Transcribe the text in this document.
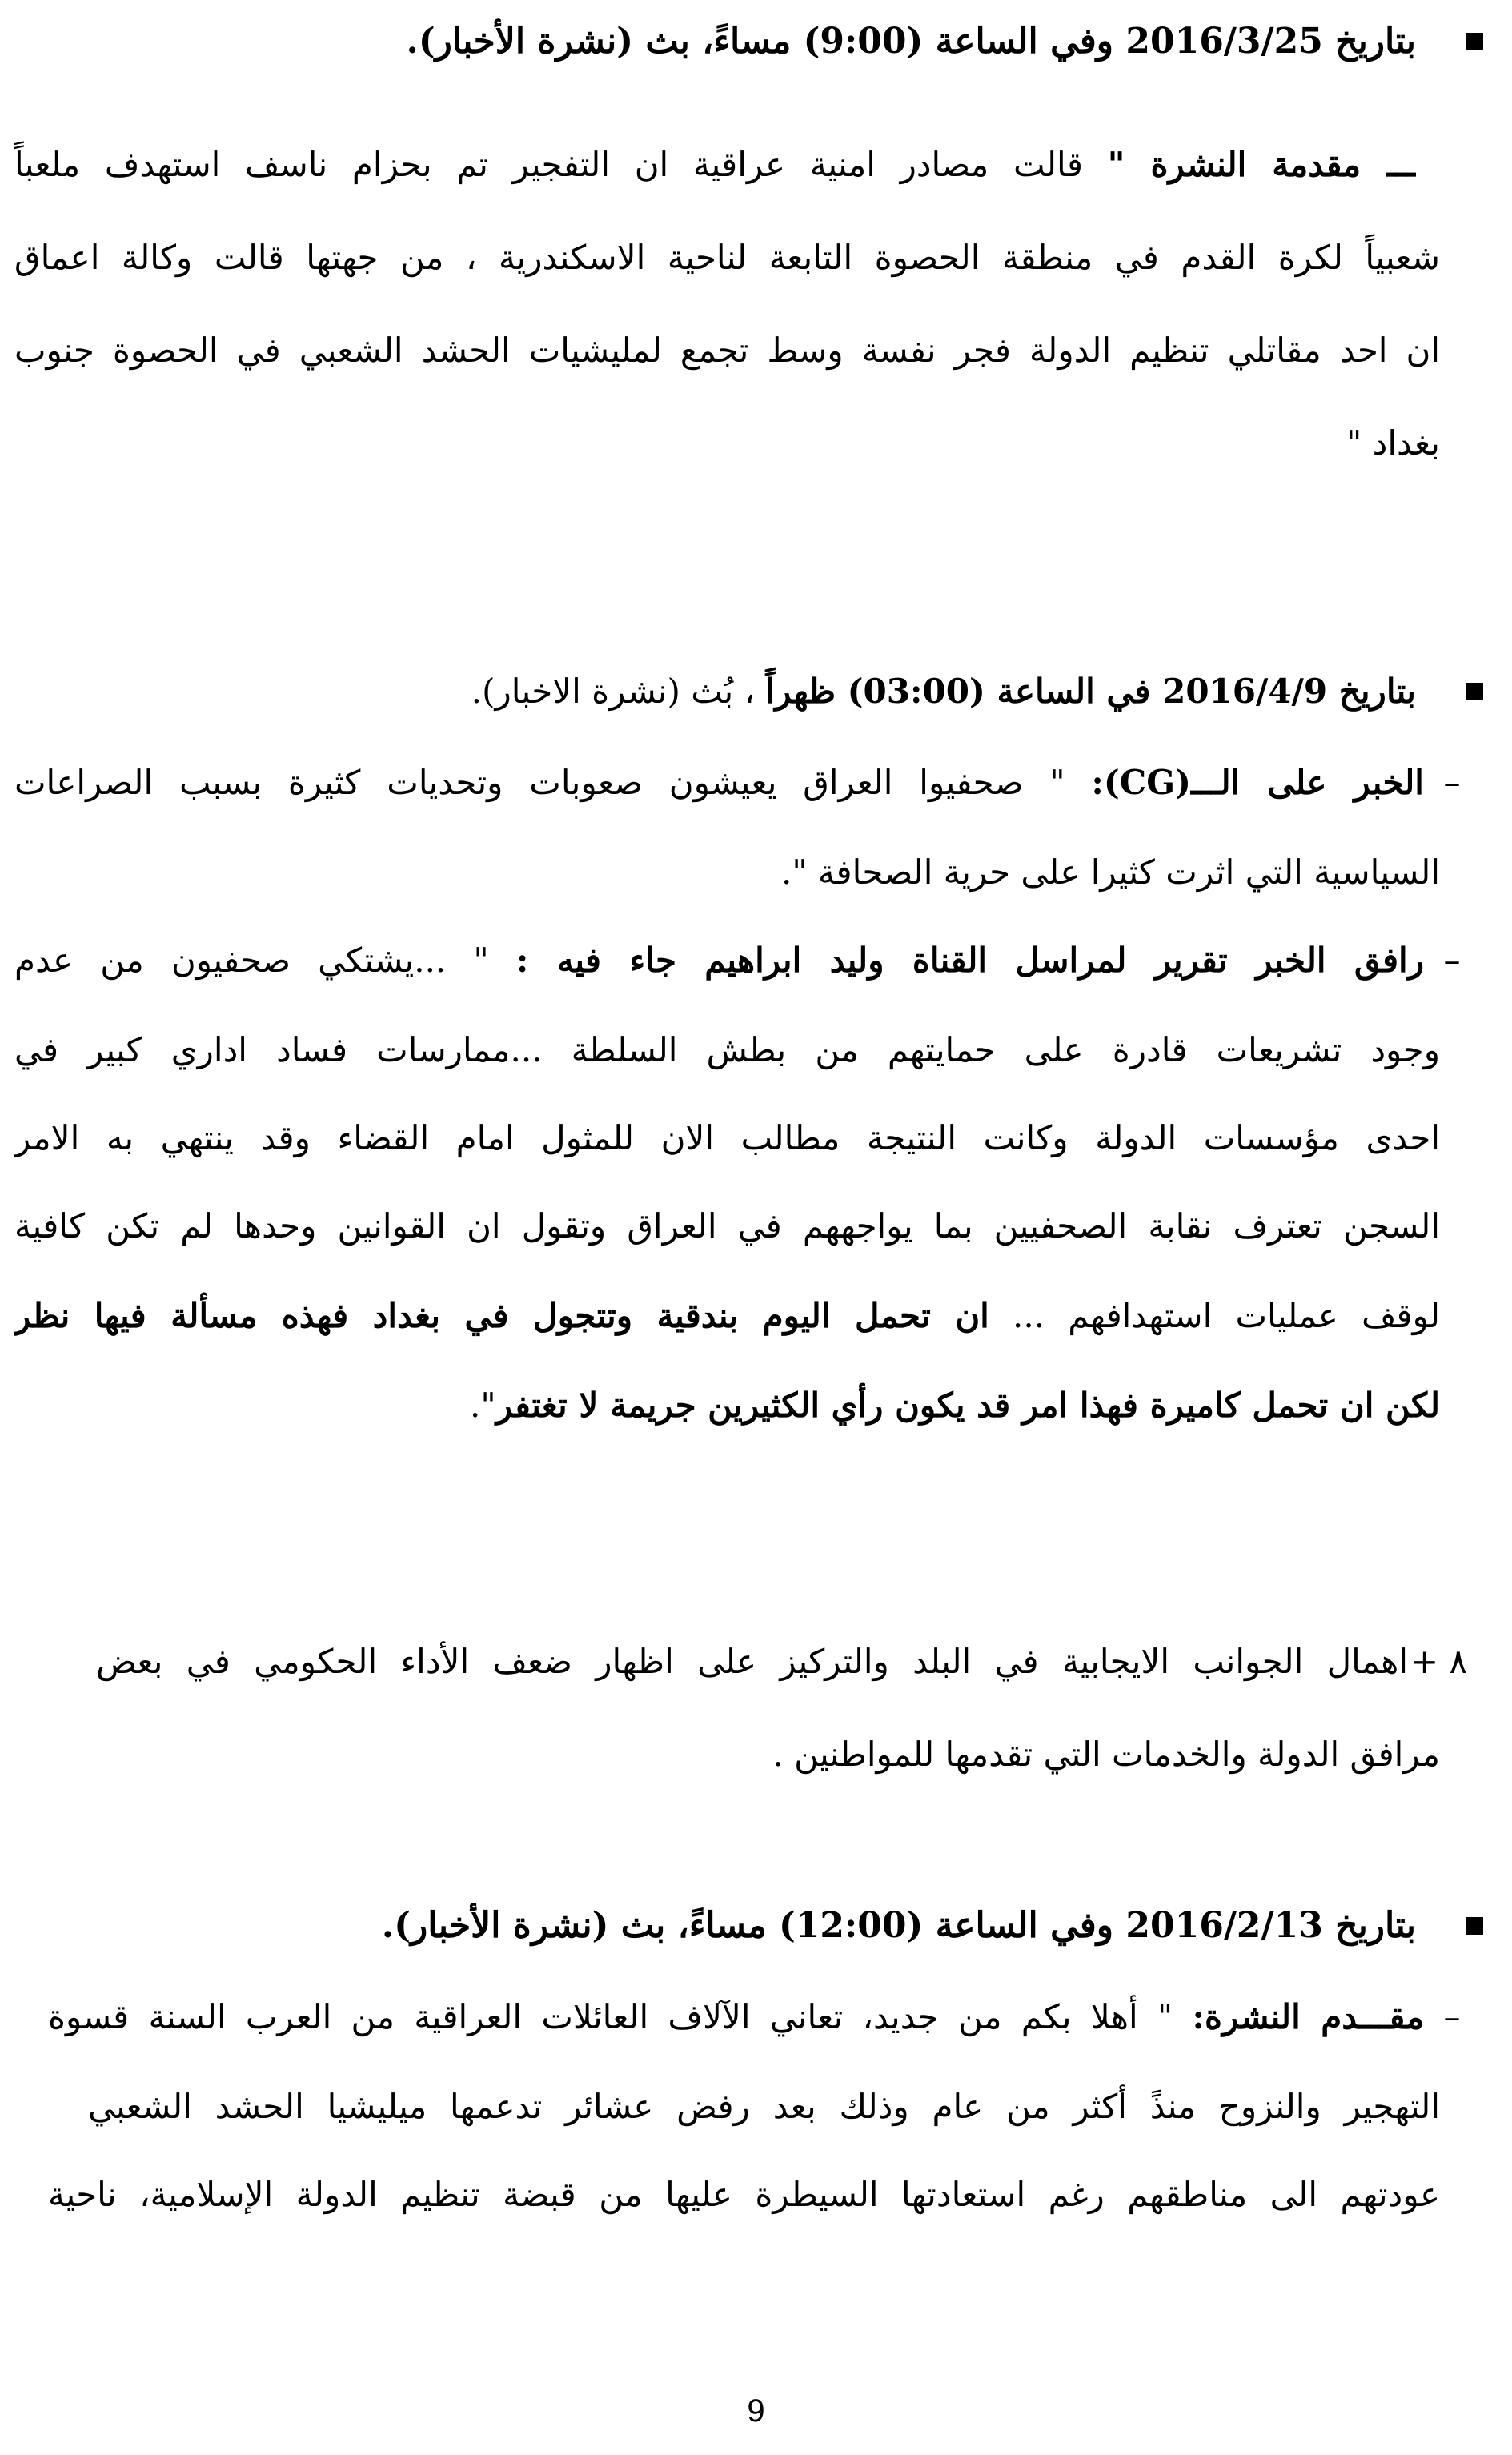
بتاريخ 2016/3/25 وفي الساعة (9:00) مساءً، بث (نشرة الأخبار).
ـــ مقدمة النشرة " قالت مصادر امنية عراقية ان التفجير تم بحزام ناسف استهدف ملعباً
شعبياً لكرة القدم في منطقة الحصوة التابعة لناحية الاسكندرية ، من جهتها قالت وكالة اعماق
ان احد مقاتلي تنظيم الدولة فجر نفسة وسط تجمع لمليشيات الحشد الشعبي في الحصوة جنوب
بغداد "
بتاريخ 2016/4/9 في الساعة (03:00) ظهراً ، بُث (نشرة الاخبار).
–
الخبر على الـــ(CG): " صحفيوا العراق يعيشون صعوبات وتحديات كثيرة بسبب الصراعات
السياسية التي اثرت كثيرا على حرية الصحافة ".
–
رافق الخبر تقرير لمراسل القناة وليد ابراهيم جاء فيه : " ...يشتكي صحفيون من عدم
وجود تشريعات قادرة على حمايتهم من بطش السلطة ...ممارسات فساد اداري كبير في
احدى مؤسسات الدولة وكانت النتيجة مطالب الان للمثول امام القضاء وقد ينتهي به الامر
السجن تعترف نقابة الصحفيين بما يواجههم في العراق وتقول ان القوانين وحدها لم تكن كافية
لوقف عمليات استهدافهم ... ان تحمل اليوم بندقية وتتجول في بغداد فهذه مسألة فيها نظر
لكن ان تحمل كاميرة فهذا امر قد يكون رأي الكثيرين جريمة لا تغتفر".
٨ +
اهمال الجوانب الايجابية في البلد والتركيز على اظهار ضعف الأداء الحكومي في بعض
مرافق الدولة والخدمات التي تقدمها للمواطنين .
بتاريخ 2016/2/13 وفي الساعة (12:00) مساءً، بث (نشرة الأخبار).
–
مقـــدم النشرة: " أهلا بكم من جديد، تعاني الآلاف العائلات العراقية من العرب السنة قسوة
التهجير والنزوح منذً أكثر من عام وذلك بعد رفض عشائر تدعمها ميليشيا الحشد الشعبي
عودتهم الى مناطقهم رغم استعادتها السيطرة عليها من قبضة تنظيم الدولة الإسلامية، ناحية
9
